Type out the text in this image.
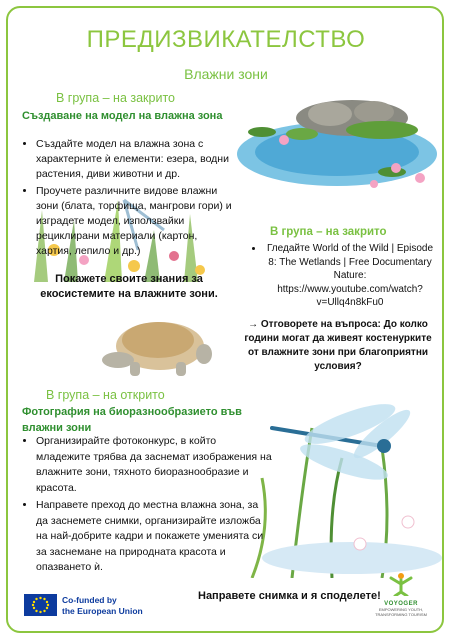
ПРЕДИЗВИКАТЕЛСТВО
Влажни зони
В група – на закрито
Създаване на модел на влажна зона
• Създайте модел на влажна зона с характерните ѝ елементи: езера, водни растения, диви животни и др.
• Проучете различните видове влажни зони (блата, торфища, мангрови гори) и изградете модел, използвайки рециклирани материали (картон, хартия, лепило и др.)
Покажете своите знания за екосистемите на влажните зони.
В група – на закрито
• Гледайте World of the Wild | Episode 8: The Wetlands | Free Documentary Nature: https://www.youtube.com/watch?v=Ullq4n8kFu0
→ Отговорете на въпроса: До колко години могат да живеят костенурките от влажните зони при благоприятни условия?
В група – на открито
Фотография на биоразнообразието във влажни зони
• Организирайте фотоконкурс, в който младежите трябва да заснемат изображения на влажните зони, тяхното биоразнообразие и красота.
• Направете преход до местна влажна зона, за да заснемете снимки, организирайте изложба на най-добрите кадри и покажете уменията си за заснемане на природната красота и опазването ѝ.
Co-funded by
the European Union
Направете снимка и я споделете!
VOYOGER
EMPOWERING YOUTH, TRANSFORMING TOURISM
